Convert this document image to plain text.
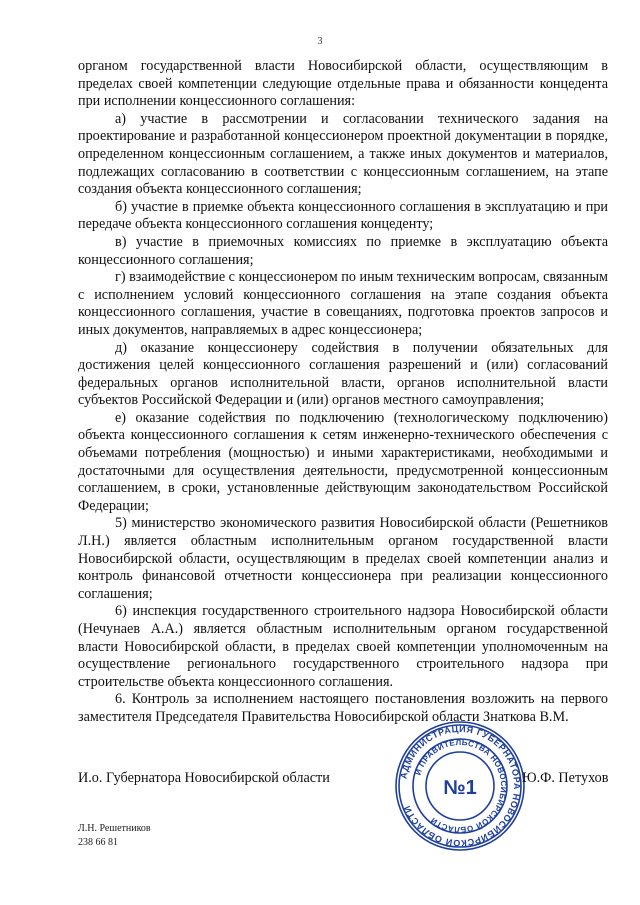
3

органом государственной власти Новосибирской области, осуществляющим в пределах своей компетенции следующие отдельные права и обязанности концедента при исполнении концессионного соглашения:

а) участие в рассмотрении и согласовании технического задания на проектирование и разработанной концессионером проектной документации в порядке, определенном концессионным соглашением, а также иных документов и материалов, подлежащих согласованию в соответствии с концессионным соглашением, на этапе создания объекта концессионного соглашения;

б) участие в приемке объекта концессионного соглашения в эксплуатацию и при передаче объекта концессионного соглашения концеденту;

в) участие в приемочных комиссиях по приемке в эксплуатацию объекта концессионного соглашения;

г) взаимодействие с концессионером по иным техническим вопросам, связанным с исполнением условий концессионного соглашения на этапе создания объекта концессионного соглашения, участие в совещаниях, подготовка проектов запросов и иных документов, направляемых в адрес концессионера;

д) оказание концессионеру содействия в получении обязательных для достижения целей концессионного соглашения разрешений и (или) согласований федеральных органов исполнительной власти, органов исполнительной власти субъектов Российской Федерации и (или) органов местного самоуправления;

е) оказание содействия по подключению (технологическому подключению) объекта концессионного соглашения к сетям инженерно-технического обеспечения с объемами потребления (мощностью) и иными характеристиками, необходимыми и достаточными для осуществления деятельности, предусмотренной концессионным соглашением, в сроки, установленные действующим законодательством Российской Федерации;

5) министерство экономического развития Новосибирской области (Решетников Л.Н.) является областным исполнительным органом государственной власти Новосибирской области, осуществляющим в пределах своей компетенции анализ и контроль финансовой отчетности концессионера при реализации концессионного соглашения;

6) инспекция государственного строительного надзора Новосибирской области (Нечунаев А.А.) является областным исполнительным органом государственной власти Новосибирской области, в пределах своей компетенции уполномоченным на осуществление регионального государственного строительного надзора при строительстве объекта концессионного соглашения.

6. Контроль за исполнением настоящего постановления возложить на первого заместителя Председателя Правительства Новосибирской области Знаткова В.М.

И.о. Губернатора Новосибирской области	АДМИНИСТРАЦИЯ ГУБЕРНАТОРА НОВОСИБИРСКОЙ ОБЛАСТИ
И ПРАВИТЕЛЬСТВА НОВОСИБИРСКОЙ ОБЛАСТИ
№1	Ю.Ф. Петухов
Л.Н. Решетников
238 66 81
